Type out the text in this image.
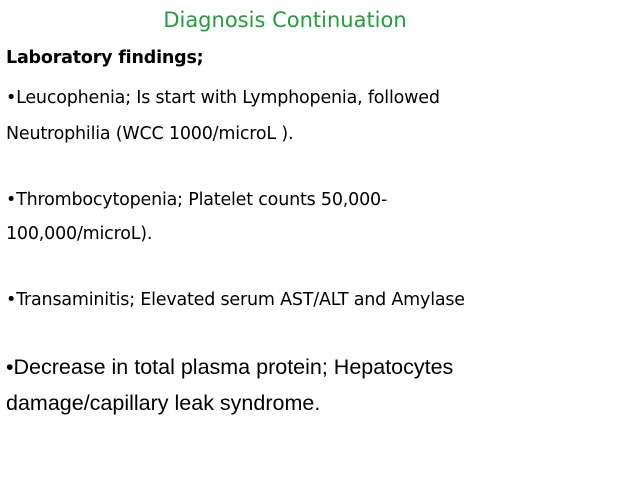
Diagnosis Continuation
Laboratory findings;
•Leucophenia; Is start with Lymphopenia, followed
Neutrophilia (WCC 1000/microL ).
•Thrombocytopenia; Platelet counts 50,000-
100,000/microL).
•Transaminitis; Elevated serum AST/ALT and Amylase
•Decrease in total plasma protein; Hepatocytes
damage/capillary leak syndrome.
